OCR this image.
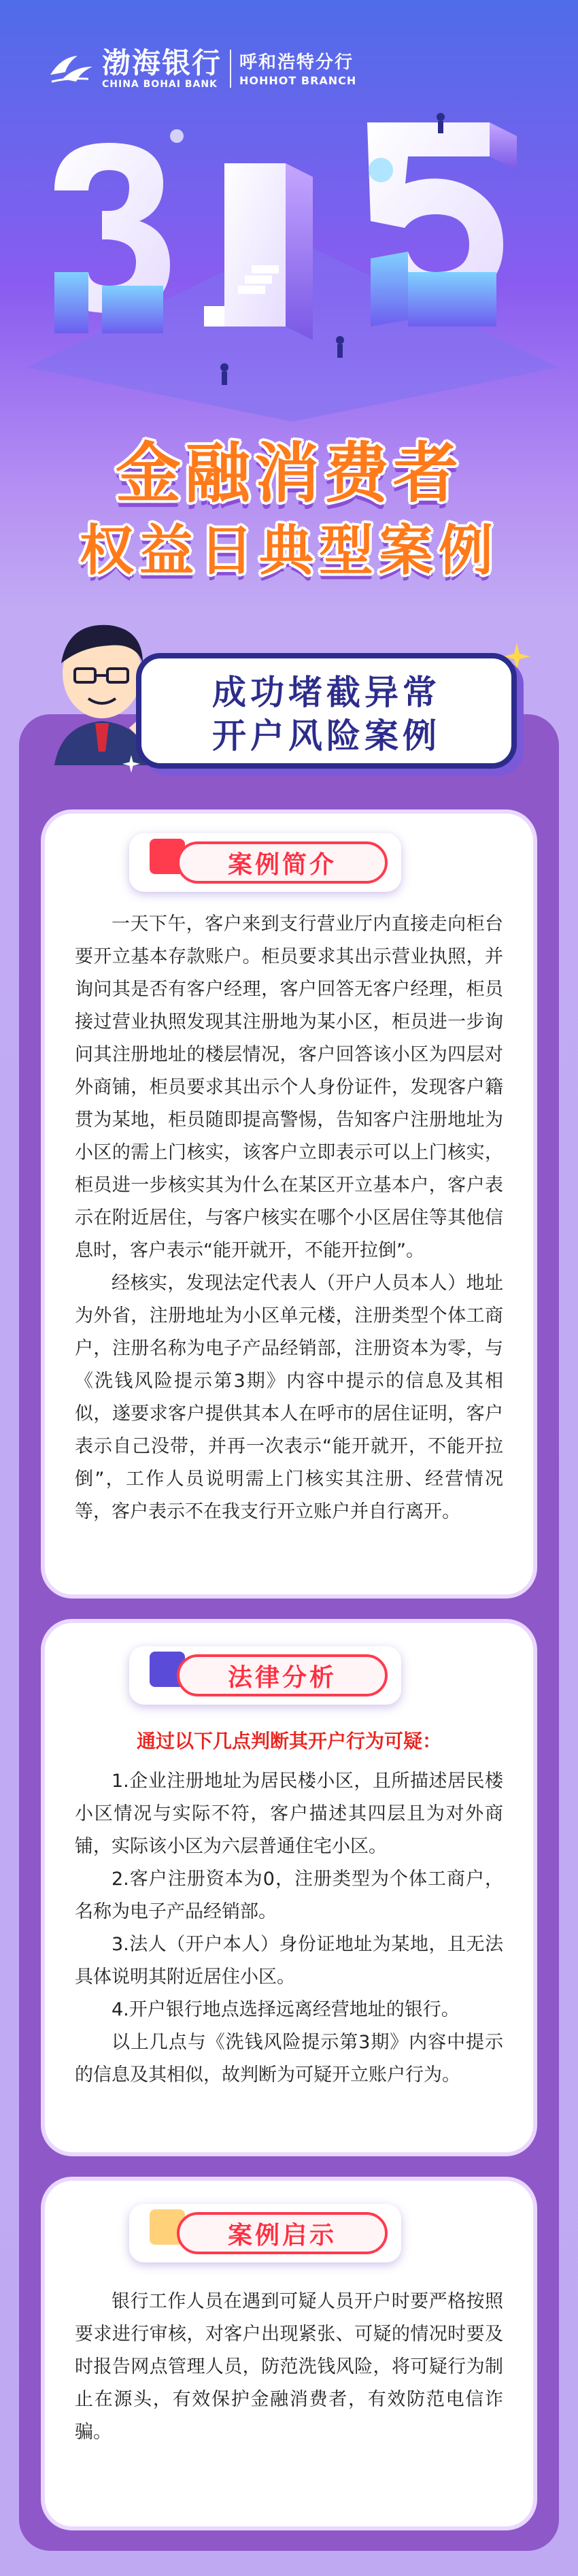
渤海银行
CHINA BOHAI BANK
呼和浩特分行
HOHHOT BRANCH
金融消费者
权益日典型案例
成功堵截异常
开户风险案例
案例简介

一天下午，客户来到支行营业厅内直接走向柜台要开立基本存款账户。柜员要求其出示营业执照，并询问其是否有客户经理，客户回答无客户经理，柜员接过营业执照发现其注册地为某小区，柜员进一步询问其注册地址的楼层情况，客户回答该小区为四层对外商铺，柜员要求其出示个人身份证件，发现客户籍贯为某地，柜员随即提高警惕，告知客户注册地址为小区的需上门核实，该客户立即表示可以上门核实，柜员进一步核实其为什么在某区开立基本户，客户表示在附近居住，与客户核实在哪个小区居住等其他信息时，客户表示“能开就开，不能开拉倒”。

经核实，发现法定代表人（开户人员本人）地址为外省，注册地址为小区单元楼，注册类型个体工商户，注册名称为电子产品经销部，注册资本为零，与《洗钱风险提示第3期》内容中提示的信息及其相似，遂要求客户提供其本人在呼市的居住证明，客户表示自己没带，并再一次表示“能开就开，不能开拉倒”，工作人员说明需上门核实其注册、经营情况等，客户表示不在我支行开立账户并自行离开。

法律分析
通过以下几点判断其开户行为可疑：

1.企业注册地址为居民楼小区，且所描述居民楼小区情况与实际不符，客户描述其四层且为对外商铺，实际该小区为六层普通住宅小区。

2.客户注册资本为0，注册类型为个体工商户，名称为电子产品经销部。

3.法人（开户本人）身份证地址为某地，且无法具体说明其附近居住小区。

4.开户银行地点选择远离经营地址的银行。

以上几点与《洗钱风险提示第3期》内容中提示的信息及其相似，故判断为可疑开立账户行为。

案例启示

银行工作人员在遇到可疑人员开户时要严格按照要求进行审核，对客户出现紧张、可疑的情况时要及时报告网点管理人员，防范洗钱风险，将可疑行为制止在源头，有效保护金融消费者，有效防范电信诈骗。
